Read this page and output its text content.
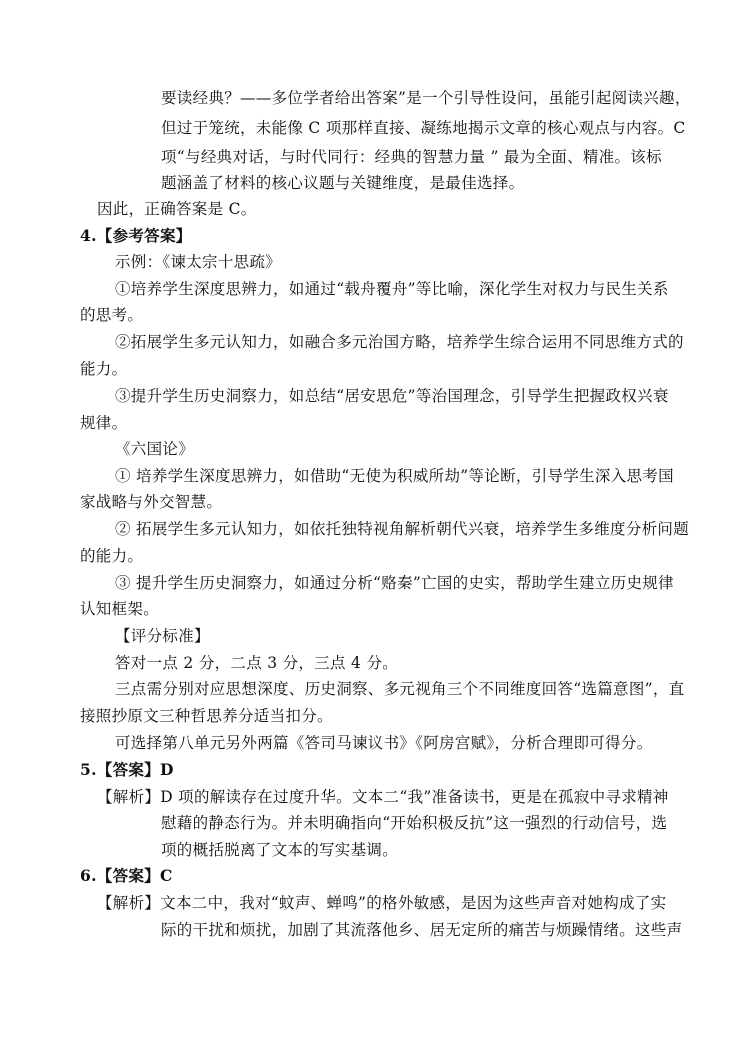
要读经典？——多位学者给出答案”是一个引导性设问，虽能引起阅读兴趣，
但过于笼统，未能像 C 项那样直接、凝练地揭示文章的核心观点与内容。C
项“与经典对话，与时代同行：经典的智慧力量 ” 最为全面、精准。该标
题涵盖了材料的核心议题与关键维度，是最佳选择。
因此，正确答案是 C。
4.【参考答案】
示例：《谏太宗十思疏》
①培养学生深度思辨力，如通过“载舟覆舟”等比喻，深化学生对权力与民生关系
的思考。
②拓展学生多元认知力，如融合多元治国方略，培养学生综合运用不同思维方式的
能力。
③提升学生历史洞察力，如总结“居安思危”等治国理念，引导学生把握政权兴衰
规律。
《六国论》
① 培养学生深度思辨力，如借助“无使为积威所劫”等论断，引导学生深入思考国
家战略与外交智慧。
② 拓展学生多元认知力，如依托独特视角解析朝代兴衰，培养学生多维度分析问题
的能力。
③ 提升学生历史洞察力，如通过分析“赂秦”亡国的史实，帮助学生建立历史规律
认知框架。
【评分标准】
答对一点 2 分，二点 3 分，三点 4 分。
三点需分别对应思想深度、历史洞察、多元视角三个不同维度回答“选篇意图”，直
接照抄原文三种哲思养分适当扣分。
可选择第八单元另外两篇《答司马谏议书》《阿房宫赋》，分析合理即可得分。
5.【答案】D
【解析】D 项的解读存在过度升华。文本二“我”准备读书，更是在孤寂中寻求精神
慰藉的静态行为。并未明确指向“开始积极反抗”这一强烈的行动信号，选
项的概括脱离了文本的写实基调。
6.【答案】C
【解析】文本二中，我对“蚊声、蝉鸣”的格外敏感，是因为这些声音对她构成了实
际的干扰和烦扰，加剧了其流落他乡、居无定所的痛苦与烦躁情绪。这些声
